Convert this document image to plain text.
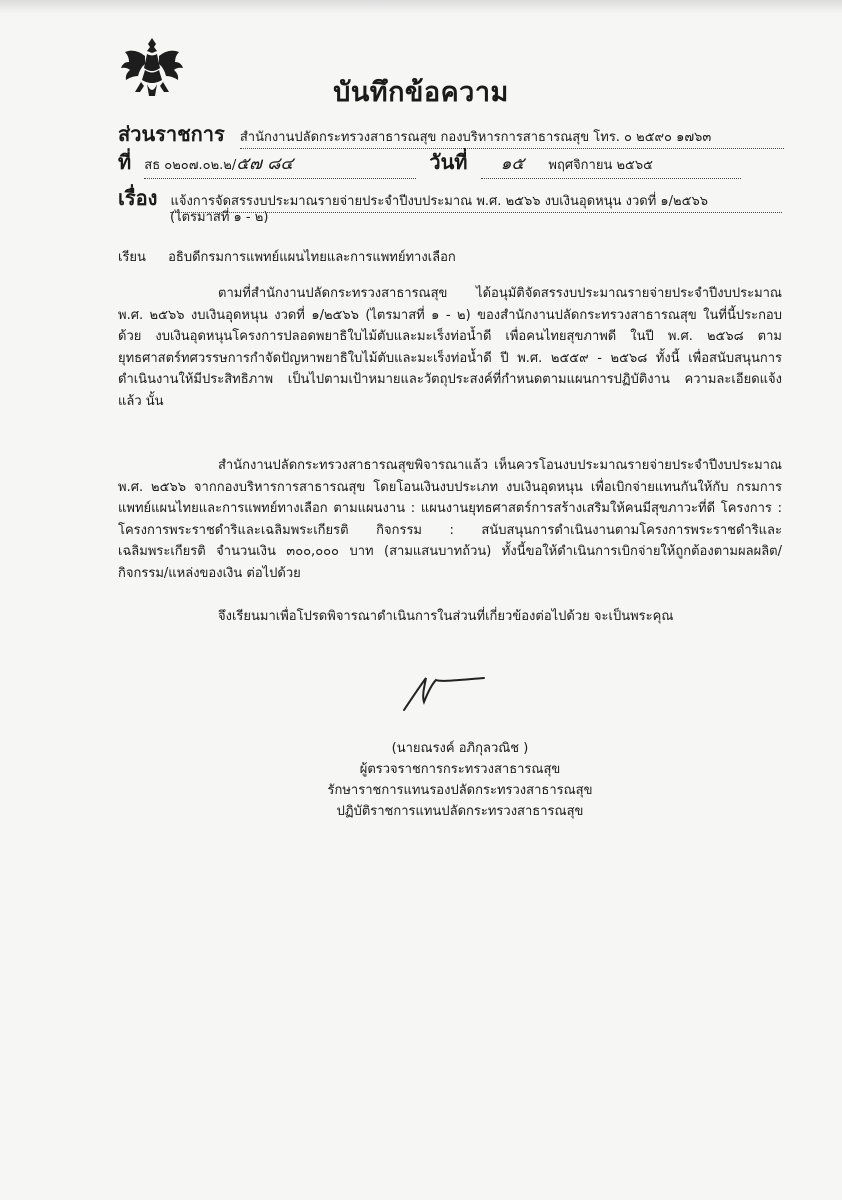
บันทึกข้อความ
ส่วนราชการ สำนักงานปลัดกระทรวงสาธารณสุข กองบริหารการสาธารณสุข โทร. ๐ ๒๕๙๐ ๑๗๖๓
ที่ สธ ๐๒๐๗.๐๒.๒/๕๗ ๘๔	วันที่ ๑๕ พฤศจิกายน ๒๕๖๕
เรื่อง แจ้งการจัดสรรงบประมาณรายจ่ายประจำปีงบประมาณ พ.ศ. ๒๕๖๖ งบเงินอุดหนุน งวดที่ ๑/๒๕๖๖
(ไตรมาสที่ ๑ - ๒)
เรียน อธิบดีกรมการแพทย์แผนไทยและการแพทย์ทางเลือก
ตามที่สำนักงานปลัดกระทรวงสาธารณสุข ได้อนุมัติจัดสรรงบประมาณรายจ่ายประจำปีงบประมาณ พ.ศ. ๒๕๖๖ งบเงินอุดหนุน งวดที่ ๑/๒๕๖๖ (ไตรมาสที่ ๑ - ๒) ของสำนักงานปลัดกระทรวงสาธารณสุข ในที่นี้ประกอบด้วย งบเงินอุดหนุนโครงการปลอดพยาธิใบไม้ตับและมะเร็งท่อน้ำดี เพื่อคนไทยสุขภาพดี ในปี พ.ศ. ๒๕๖๘ ตามยุทธศาสตร์ทศวรรษการกำจัดปัญหาพยาธิใบไม้ตับและมะเร็งท่อน้ำดี ปี พ.ศ. ๒๕๕๙ - ๒๕๖๘ ทั้งนี้ เพื่อสนับสนุนการดำเนินงานให้มีประสิทธิภาพ เป็นไปตามเป้าหมายและวัตถุประสงค์ที่กำหนดตามแผนการปฏิบัติงาน ความละเอียดแจ้งแล้ว นั้น
สำนักงานปลัดกระทรวงสาธารณสุขพิจารณาแล้ว เห็นควรโอนงบประมาณรายจ่ายประจำปีงบประมาณ พ.ศ. ๒๕๖๖ จากกองบริหารการสาธารณสุข โดยโอนเงินงบประเภท งบเงินอุดหนุน เพื่อเบิกจ่ายแทนกันให้กับ กรมการแพทย์แผนไทยและการแพทย์ทางเลือก ตามแผนงาน : แผนงานยุทธศาสตร์การสร้างเสริมให้คนมีสุขภาวะที่ดี โครงการ : โครงการพระราชดำริและเฉลิมพระเกียรติ กิจกรรม : สนับสนุนการดำเนินงานตามโครงการพระราชดำริและเฉลิมพระเกียรติ จำนวนเงิน ๓๐๐,๐๐๐ บาท (สามแสนบาทถ้วน) ทั้งนี้ขอให้ดำเนินการเบิกจ่ายให้ถูกต้องตามผลผลิต/กิจกรรม/แหล่งของเงิน ต่อไปด้วย
จึงเรียนมาเพื่อโปรดพิจารณาดำเนินการในส่วนที่เกี่ยวข้องต่อไปด้วย จะเป็นพระคุณ
(นายณรงค์ อภิกุลวณิช )
ผู้ตรวจราชการกระทรวงสาธารณสุข
รักษาราชการแทนรองปลัดกระทรวงสาธารณสุข
ปฏิบัติราชการแทนปลัดกระทรวงสาธารณสุข
